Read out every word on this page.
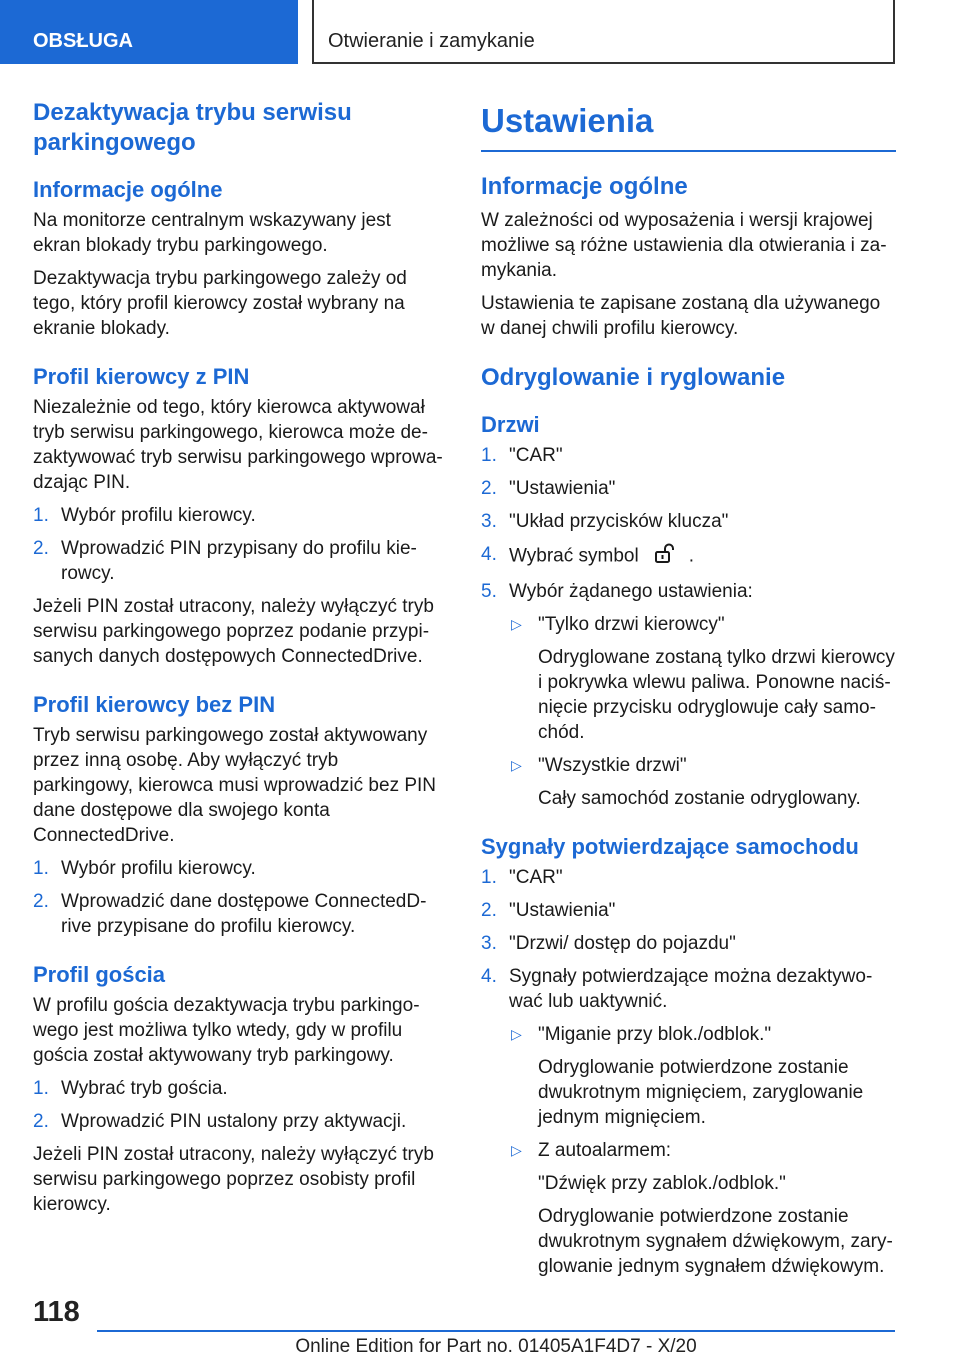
OBSŁUGA	Otwieranie i zamykanie
Dezaktywacja trybu serwisu parkingowego
Informacje ogólne

Na monitorze centralnym wskazywany jest ekran blokady trybu parkingowego.

Dezaktywacja trybu parkingowego zależy od tego, który profil kierowcy został wybrany na ekranie blokady.

Profil kierowcy z PIN

Niezależnie od tego, który kierowca aktywował tryb serwisu parkingowego, kierowca może dezaktywować tryb serwisu parkingowego wprowadzając PIN.

1. Wybór profilu kierowcy.
2. Wprowadzić PIN przypisany do profilu kierowcy.

Jeżeli PIN został utracony, należy wyłączyć tryb serwisu parkingowego poprzez podanie przypisanych danych dostępowych ConnectedDrive.

Profil kierowcy bez PIN

Tryb serwisu parkingowego został aktywowany przez inną osobę. Aby wyłączyć tryb parkingowy, kierowca musi wprowadzić bez PIN dane dostępowe dla swojego konta ConnectedDrive.

1. Wybór profilu kierowcy.
2. Wprowadzić dane dostępowe ConnectedDrive przypisane do profilu kierowcy.
Profil gościa

W profilu gościa dezaktywacja trybu parkingowego jest możliwa tylko wtedy, gdy w profilu gościa został aktywowany tryb parkingowy.

1. Wybrać tryb gościa.
2. Wprowadzić PIN ustalony przy aktywacji.

Jeżeli PIN został utracony, należy wyłączyć tryb serwisu parkingowego poprzez osobisty profil kierowcy.

Ustawienia
Informacje ogólne

W zależności od wyposażenia i wersji krajowej możliwe są różne ustawienia dla otwierania i zamykania.

Ustawienia te zapisane zostaną dla używanego w danej chwili profilu kierowcy.

Odryglowanie i ryglowanie
Drzwi
1. "CAR"
2. "Ustawienia"
3. "Układ przycisków klucza"
4. Wybrać symbol	.
5. Wybór żądanego ustawienia:
▷ "Tylko drzwi kierowcy"
Odryglowane zostaną tylko drzwi kierowcy i pokrywka wlewu paliwa. Ponowne naciśnięcie przycisku odryglowuje cały samochód.
▷ "Wszystkie drzwi"
Cały samochód zostanie odryglowany.
Sygnały potwierdzające samochodu
1. "CAR"
2. "Ustawienia"
3. "Drzwi/ dostęp do pojazdu"
4. Sygnały potwierdzające można dezaktywować lub uaktywnić.
▷ "Miganie przy blok./odblok."
Odryglowanie potwierdzone zostanie dwukrotnym mignięciem, zaryglowanie jednym mignięciem.
▷ Z autoalarmem:
"Dźwięk przy zablok./odblok."
Odryglowanie potwierdzone zostanie dwukrotnym sygnałem dźwiękowym, zaryglowanie jednym sygnałem dźwiękowym.
118
Online Edition for Part no. 01405A1F4D7 - X/20
